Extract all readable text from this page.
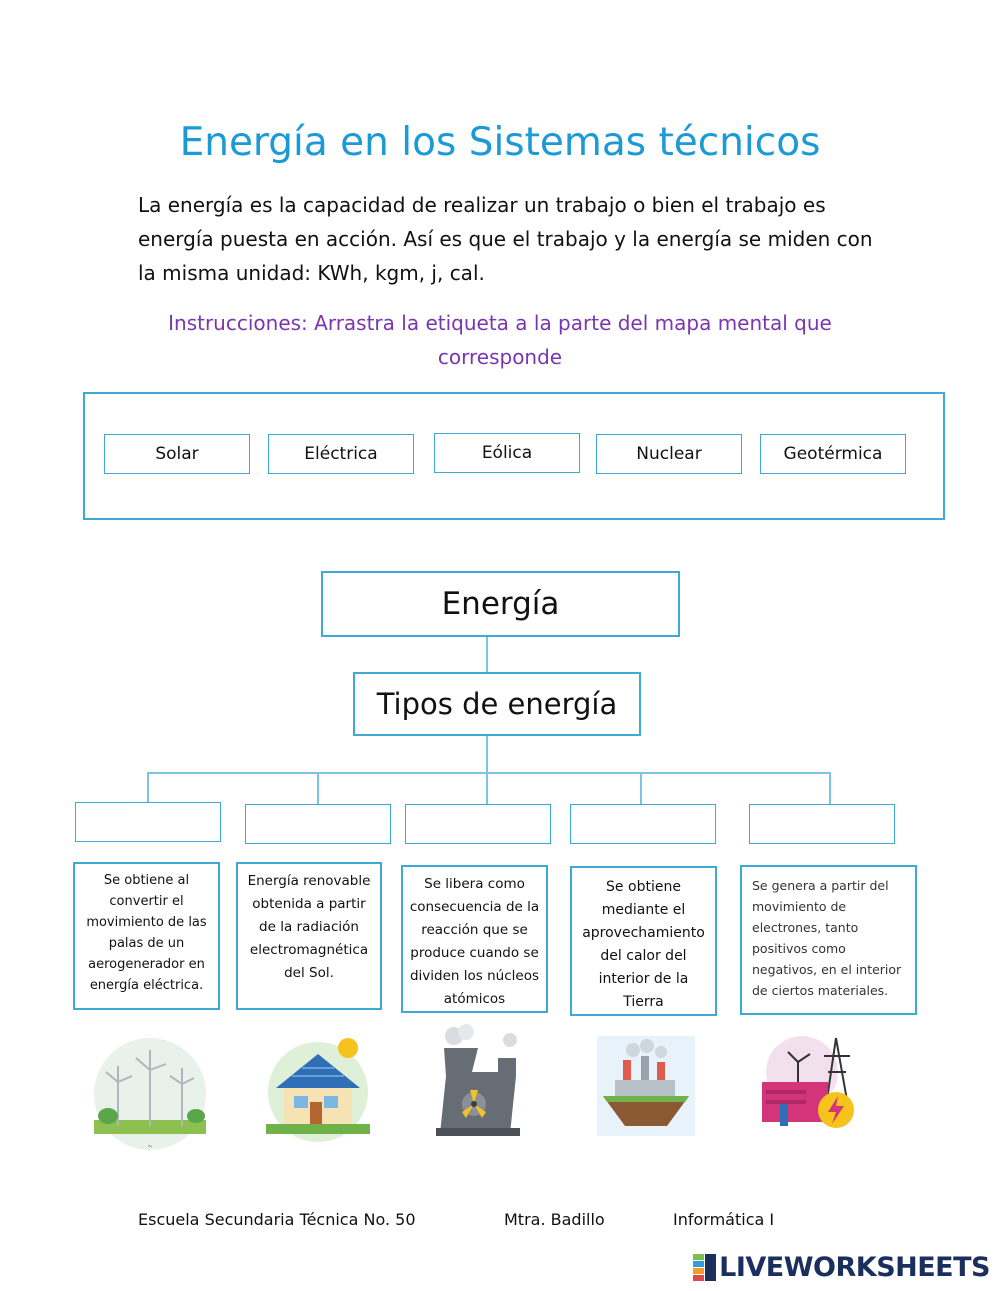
Energía en los Sistemas técnicos
La energía es la capacidad de realizar un trabajo o bien el trabajo es energía puesta en acción. Así es que el trabajo y la energía se miden con la misma unidad: KWh, kgm, j, cal.
Instrucciones: Arrastra la etiqueta a la parte del mapa mental que corresponde
Solar	Eléctrica	Eólica	Nuclear	Geotérmica
Energía
Tipos de energía
Se obtiene al convertir el movimiento de las palas de un aerogenerador en energía eléctrica.
Energía renovable obtenida a partir de la radiación electromagnética del Sol.
Se libera como consecuencia de la reacción que se produce cuando se dividen los núcleos atómicos
Se obtiene mediante el aprovechamiento del calor del interior de la Tierra
Se genera a partir del movimiento de electrones, tanto positivos como negativos, en el interior de ciertos materiales.
~
Escuela Secundaria Técnica No. 50	Mtra. Badillo	Informática I
LIVEWORKSHEETS
